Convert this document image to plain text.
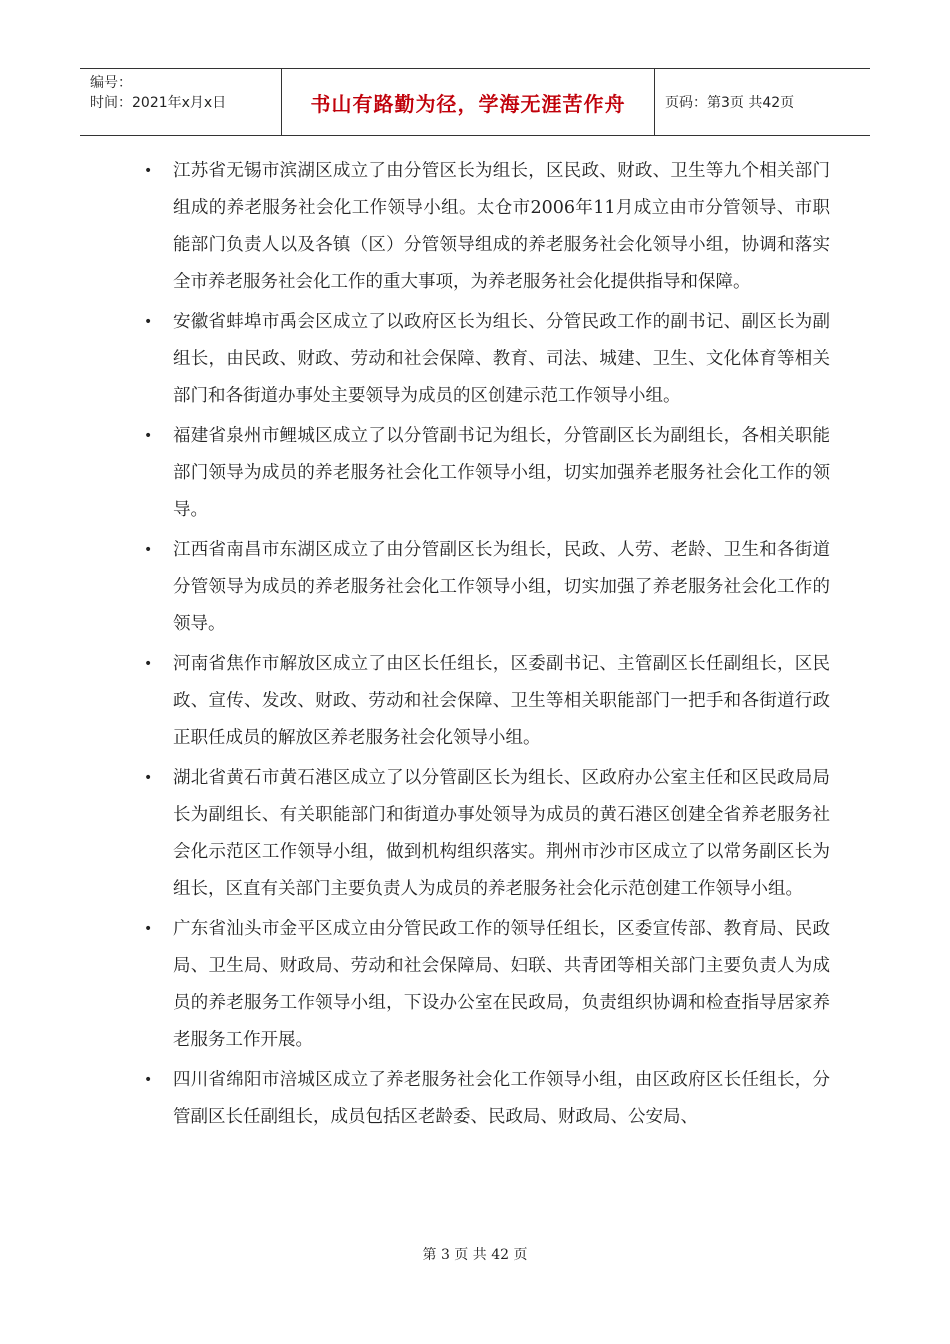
编号：
时间：2021年x月x日	书山有路勤为径，学海无涯苦作舟	页码：第3页 共42页
• 江苏省无锡市滨湖区成立了由分管区长为组长，区民政、财政、卫生等九个相关部门组成的养老服务社会化工作领导小组。太仓市2006年11月成立由市分管领导、市职能部门负责人以及各镇（区）分管领导组成的养老服务社会化领导小组，协调和落实全市养老服务社会化工作的重大事项，为养老服务社会化提供指导和保障。

• 安徽省蚌埠市禹会区成立了以政府区长为组长、分管民政工作的副书记、副区长为副组长，由民政、财政、劳动和社会保障、教育、司法、城建、卫生、文化体育等相关部门和各街道办事处主要领导为成员的区创建示范工作领导小组。

• 福建省泉州市鲤城区成立了以分管副书记为组长，分管副区长为副组长，各相关职能部门领导为成员的养老服务社会化工作领导小组，切实加强养老服务社会化工作的领导。

• 江西省南昌市东湖区成立了由分管副区长为组长，民政、人劳、老龄、卫生和各街道分管领导为成员的养老服务社会化工作领导小组，切实加强了养老服务社会化工作的领导。

• 河南省焦作市解放区成立了由区长任组长，区委副书记、主管副区长任副组长，区民政、宣传、发改、财政、劳动和社会保障、卫生等相关职能部门一把手和各街道行政正职任成员的解放区养老服务社会化领导小组。

• 湖北省黄石市黄石港区成立了以分管副区长为组长、区政府办公室主任和区民政局局长为副组长、有关职能部门和街道办事处领导为成员的黄石港区创建全省养老服务社会化示范区工作领导小组，做到机构组织落实。荆州市沙市区成立了以常务副区长为组长，区直有关部门主要负责人为成员的养老服务社会化示范创建工作领导小组。

• 广东省汕头市金平区成立由分管民政工作的领导任组长，区委宣传部、教育局、民政局、卫生局、财政局、劳动和社会保障局、妇联、共青团等相关部门主要负责人为成员的养老服务工作领导小组，下设办公室在民政局，负责组织协调和检查指导居家养老服务工作开展。

• 四川省绵阳市涪城区成立了养老服务社会化工作领导小组，由区政府区长任组长，分管副区长任副组长，成员包括区老龄委、民政局、财政局、公安局、

第 3 页 共 42 页
